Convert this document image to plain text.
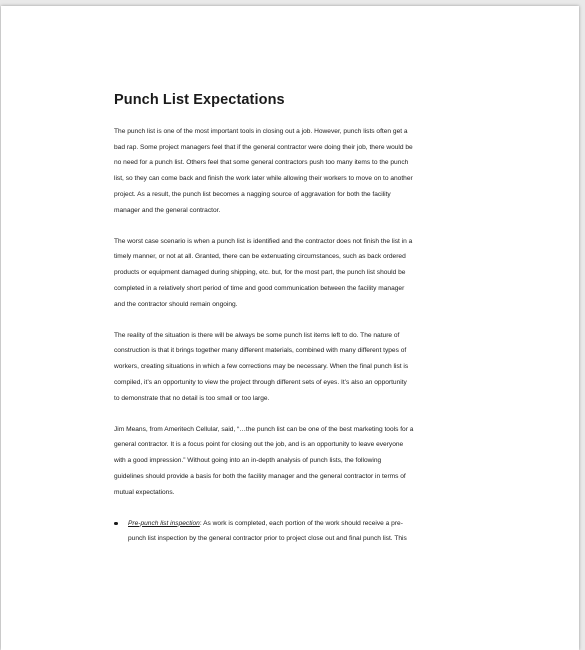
Punch List Expectations
The punch list is one of the most important tools in closing out a job. However, punch lists often get a
bad rap. Some project managers feel that if the general contractor were doing their job, there would be
no need for a punch list. Others feel that some general contractors push too many items to the punch
list, so they can come back and finish the work later while allowing their workers to move on to another
project. As a result, the punch list becomes a nagging source of aggravation for both the facility
manager and the general contractor.
The worst case scenario is when a punch list is identified and the contractor does not finish the list in a
timely manner, or not at all. Granted, there can be extenuating circumstances, such as back ordered
products or equipment damaged during shipping, etc. but, for the most part, the punch list should be
completed in a relatively short period of time and good communication between the facility manager
and the contractor should remain ongoing.
The reality of the situation is there will be always be some punch list items left to do. The nature of
construction is that it brings together many different materials, combined with many different types of
workers, creating situations in which a few corrections may be necessary. When the final punch list is
compiled, it’s an opportunity to view the project through different sets of eyes. It’s also an opportunity
to demonstrate that no detail is too small or too large.
Jim Means, from Ameritech Cellular, said, “…the punch list can be one of the best marketing tools for a
general contractor. It is a focus point for closing out the job, and is an opportunity to leave everyone
with a good impression.” Without going into an in-depth analysis of punch lists, the following
guidelines should provide a basis for both the facility manager and the general contractor in terms of
mutual expectations.
Pre-punch list inspection: As work is completed, each portion of the work should receive a pre-
punch list inspection by the general contractor prior to project close out and final punch list. This
